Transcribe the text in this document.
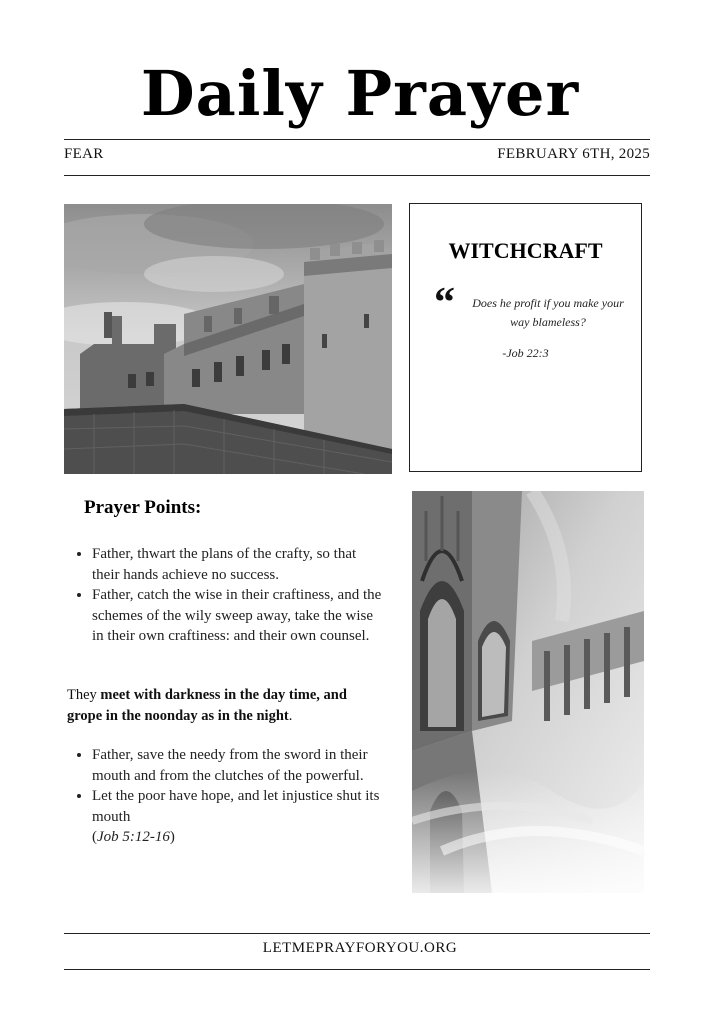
Daily Prayer
FEAR	FEBRUARY 6TH, 2025
WITCHCRAFT
“	Does he profit if you make your way blameless?
-Job 22:3
Prayer Points:
• Father, thwart the plans of the crafty, so that their hands achieve no success.
• Father, catch the wise in their craftiness, and the schemes of the wily sweep away, take the wise in their own craftiness: and their own counsel.
They meet with darkness in the day time, and grope in the noonday as in the night.
• Father, save the needy from the sword in their mouth and from the clutches of the powerful.
• Let the poor have hope, and let injustice shut its mouth
(Job 5:12-16)
LETMEPRAYFORYOU.ORG
